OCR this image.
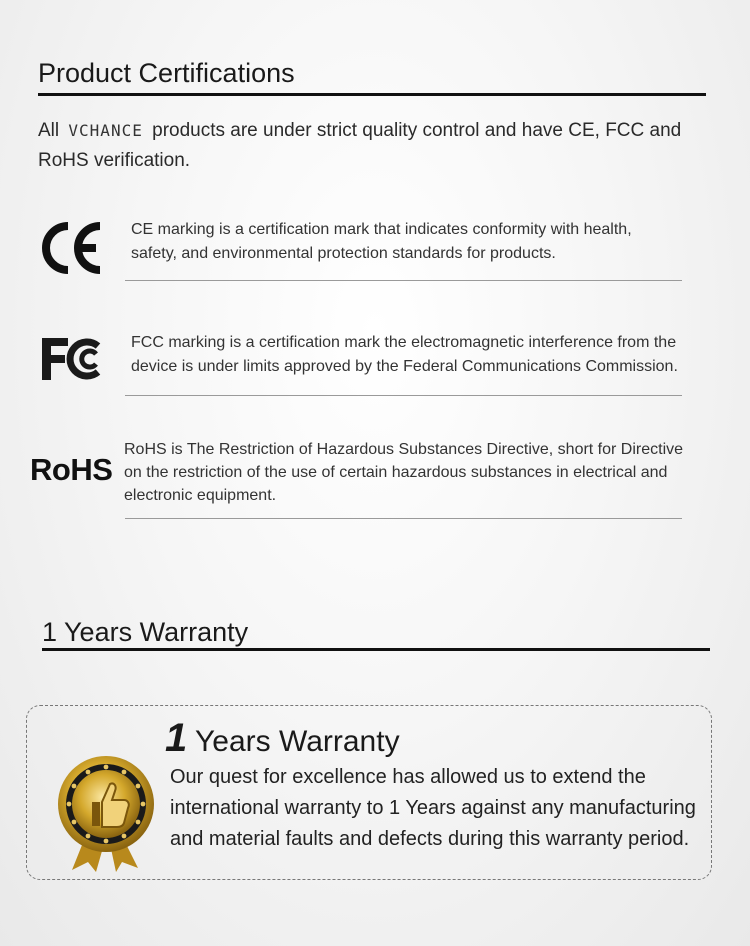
Product Certifications
All VCHANCE products are under strict quality control and have CE, FCC and RoHS verification.
CE marking is a certification mark that indicates conformity with health, safety, and environmental protection standards for products.
FCC marking is a certification mark the electromagnetic interference from the device is under limits approved by the Federal Communications Commission.
RoHS
RoHS is The Restriction of Hazardous Substances Directive, short for Directive on the restriction of the use of certain hazardous substances in electrical and electronic equipment.
1 Years Warranty
1 Years Warranty
Our quest for excellence has allowed us to extend the international warranty to 1 Years against any manufacturing and material faults and defects during this warranty period.
